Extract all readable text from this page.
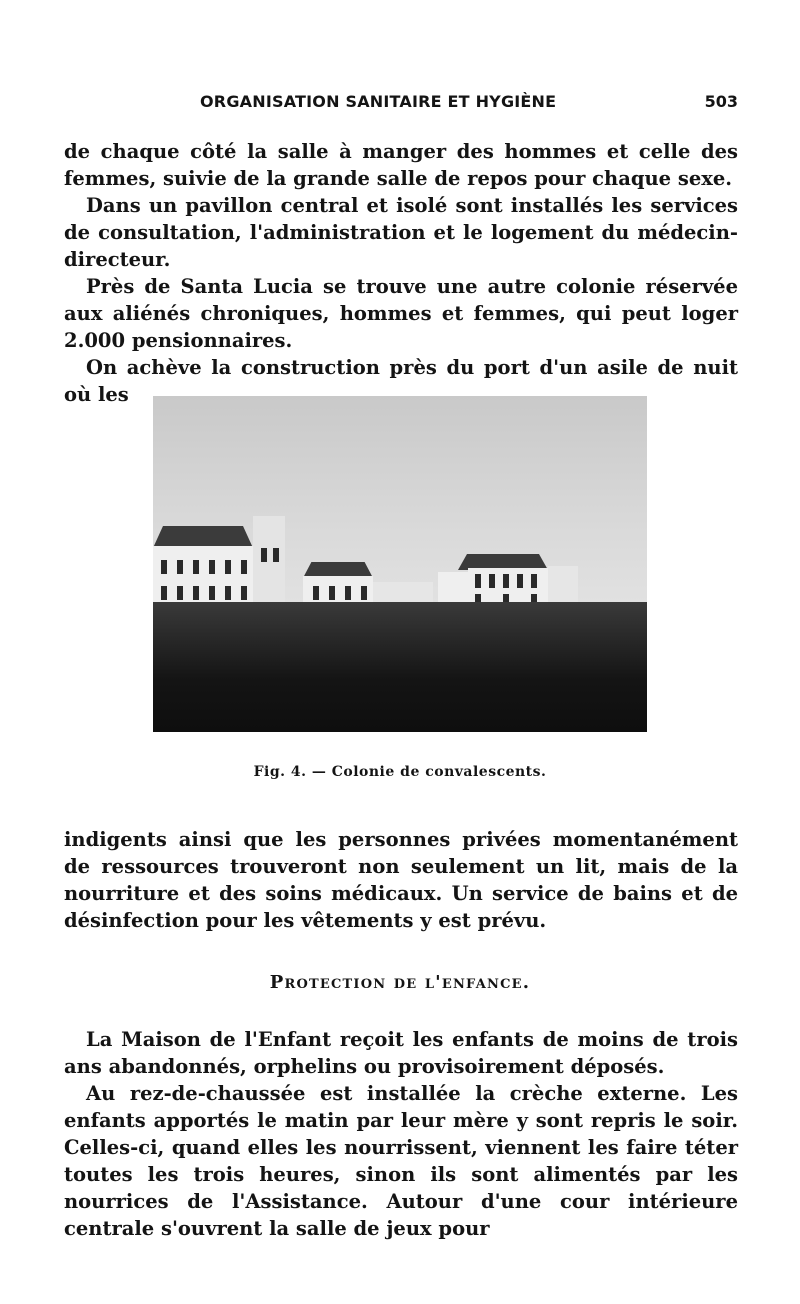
ORGANISATION SANITAIRE ET HYGIÈNE	503

de chaque côté la salle à manger des hommes et celle des femmes, suivie de la grande salle de repos pour chaque sexe.

Dans un pavillon central et isolé sont installés les services de consultation, l'administration et le logement du médecin-directeur.

Près de Santa Lucia se trouve une autre colonie réservée aux aliénés chroniques, hommes et femmes, qui peut loger 2.000 pensionnaires.

On achève la construction près du port d'un asile de nuit où les

Fig. 4. — Colonie de convalescents.

indigents ainsi que les personnes privées momentanément de ressources trouveront non seulement un lit, mais de la nourriture et des soins médicaux. Un service de bains et de désinfection pour les vêtements y est prévu.

Protection de l'enfance.

La Maison de l'Enfant reçoit les enfants de moins de trois ans abandonnés, orphelins ou provisoirement déposés.

Au rez-de-chaussée est installée la crèche externe. Les enfants apportés le matin par leur mère y sont repris le soir. Celles-ci, quand elles les nourrissent, viennent les faire téter toutes les trois heures, sinon ils sont alimentés par les nourrices de l'Assistance. Autour d'une cour intérieure centrale s'ouvrent la salle de jeux pour
